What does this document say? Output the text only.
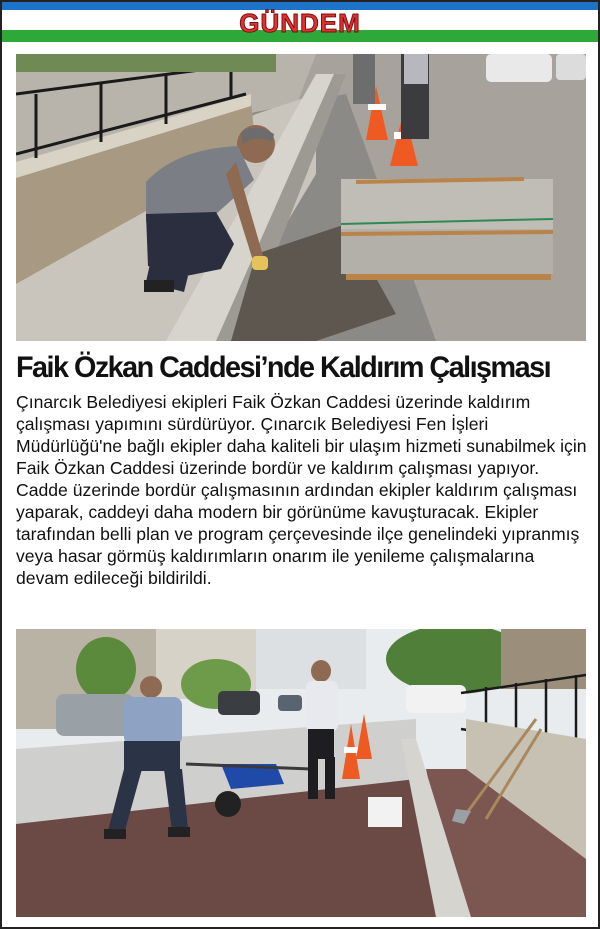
GÜNDEM
Faik Özkan Caddesi’nde Kaldırım Çalışması

Çınarcık Belediyesi ekipleri Faik Özkan Caddesi üzerinde kaldırım çalışması yapımını sürdürüyor. Çınarcık Belediyesi Fen İşleri Müdürlüğü'ne bağlı ekipler daha kaliteli bir ulaşım hizmeti sunabilmek için Faik Özkan Caddesi üzerinde bordür ve kaldırım çalışması yapıyor. Cadde üzerinde bordür çalışmasının ardından ekipler kaldırım çalışması yaparak, caddeyi daha modern bir görünüme kavuşturacak. Ekipler tarafından belli plan ve program çerçevesinde ilçe genelindeki yıpranmış veya hasar görmüş kaldırımların onarım ile yenileme çalışmalarına devam edileceği bildirildi.
